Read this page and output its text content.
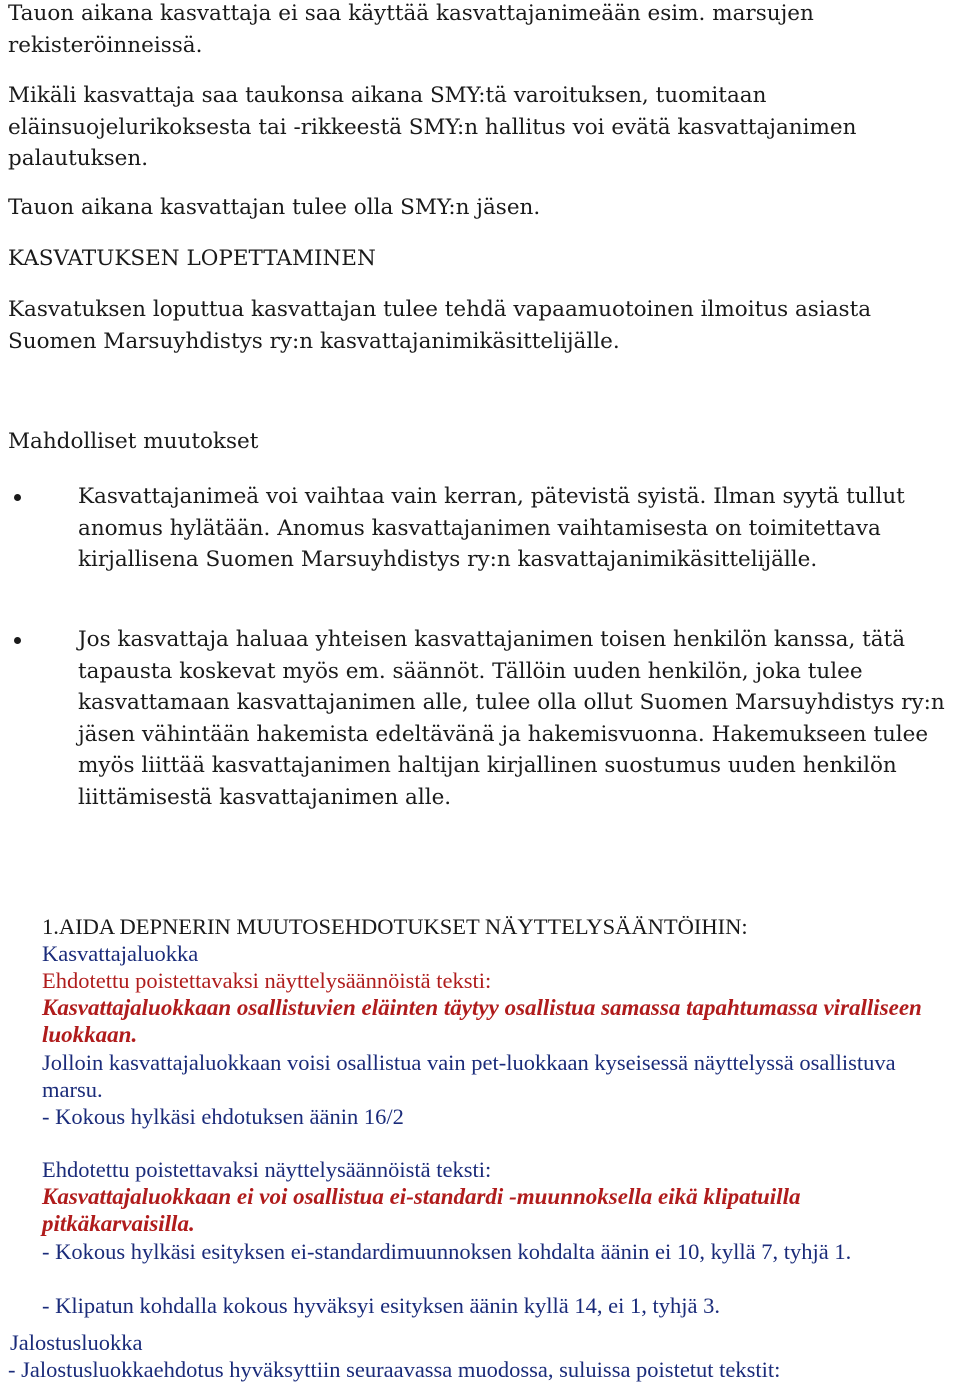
Tauon aikana kasvattaja ei saa käyttää kasvattajanimeään esim. marsujen rekisteröinneissä.

Mikäli kasvattaja saa taukonsa aikana SMY:tä varoituksen, tuomitaan eläinsuojelurikoksesta tai -rikkeestä SMY:n hallitus voi evätä kasvattajanimen palautuksen.

Tauon aikana kasvattajan tulee olla SMY:n jäsen.

KASVATUKSEN LOPETTAMINEN

Kasvatuksen loputtua kasvattajan tulee tehdä vapaamuotoinen ilmoitus asiasta Suomen Marsuyhdistys ry:n kasvattajanimikäsittelijälle.

Mahdolliset muutokset

Kasvattajanimeä voi vaihtaa vain kerran, pätevistä syistä. Ilman syytä tullut anomus hylätään. Anomus kasvattajanimen vaihtamisesta on toimitettava kirjallisena Suomen Marsuyhdistys ry:n kasvattajanimikäsittelijälle.

Jos kasvattaja haluaa yhteisen kasvattajanimen toisen henkilön kanssa, tätä tapausta koskevat myös em. säännöt. Tällöin uuden henkilön, joka tulee kasvattamaan kasvattajanimen alle, tulee olla ollut Suomen Marsuyhdistys ry:n jäsen vähintään hakemista edeltävänä ja hakemisvuonna. Hakemukseen tulee myös liittää kasvattajanimen haltijan kirjallinen suostumus uuden henkilön liittämisestä kasvattajanimen alle.

1.AIDA DEPNERIN MUUTOSEHDOTUKSET NÄYTTELYSÄÄNTÖIHIN:

Kasvattajaluokka

Ehdotettu poistettavaksi näyttelysäännöistä teksti:

Kasvattajaluokkaan osallistuvien eläinten täytyy osallistua samassa tapahtumassa viralliseen luokkaan.

Jolloin kasvattajaluokkaan voisi osallistua vain pet-luokkaan kyseisessä näyttelyssä osallistuva marsu.

- Kokous hylkäsi ehdotuksen äänin 16/2

Ehdotettu poistettavaksi näyttelysäännöistä teksti:

Kasvattajaluokkaan ei voi osallistua ei-standardi -muunnoksella eikä klipatuilla pitkäkarvaisilla.

- Kokous hylkäsi esityksen ei-standardimuunnoksen kohdalta äänin ei 10, kyllä 7, tyhjä 1.

- Klipatun kohdalla kokous hyväksyi esityksen äänin kyllä 14, ei 1, tyhjä 3.

Jalostusluokka

- Jalostusluokkaehdotus hyväksyttiin seuraavassa muodossa, suluissa poistetut tekstit:
